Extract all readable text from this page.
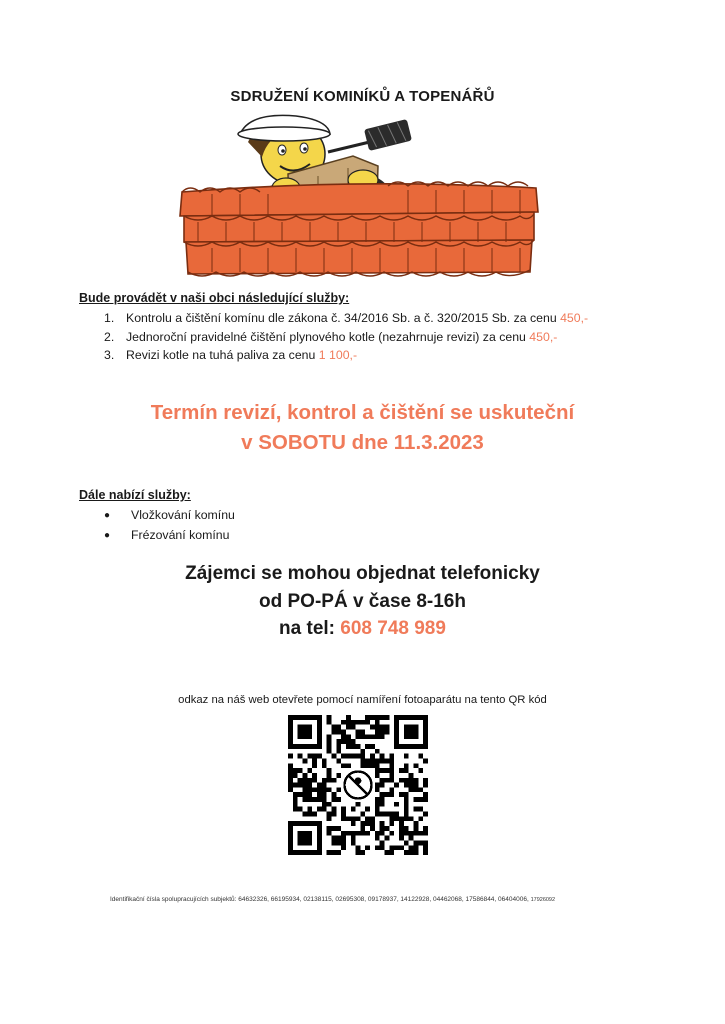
SDRUŽENÍ KOMINÍKŮ A TOPENÁŘŮ
Bude provádět v naši obci následující služby:
1. Kontrolu a čištění komínu dle zákona č. 34/2016 Sb. a č. 320/2015 Sb. za cenu 450,-
2. Jednoroční pravidelné čištění plynového kotle (nezahrnuje revizi) za cenu 450,-
3. Revizi kotle na tuhá paliva za cenu 1 100,-
Termín revizí, kontrol a čištění se uskuteční
v SOBOTU dne 11.3.2023
Dále nabízí služby:
●	Vložkování komínu
●	Frézování komínu
Zájemci se mohou objednat telefonicky
od PO-PÁ v čase 8-16h
na tel: 608 748 989
odkaz na náš web otevřete pomocí namíření fotoaparátu na tento QR kód
Identifikační čísla spolupracujících subjektů: 64632326, 66195934, 02138115, 02695308, 09178937, 14122928, 04462068, 17586844, 06404006, 17926092
